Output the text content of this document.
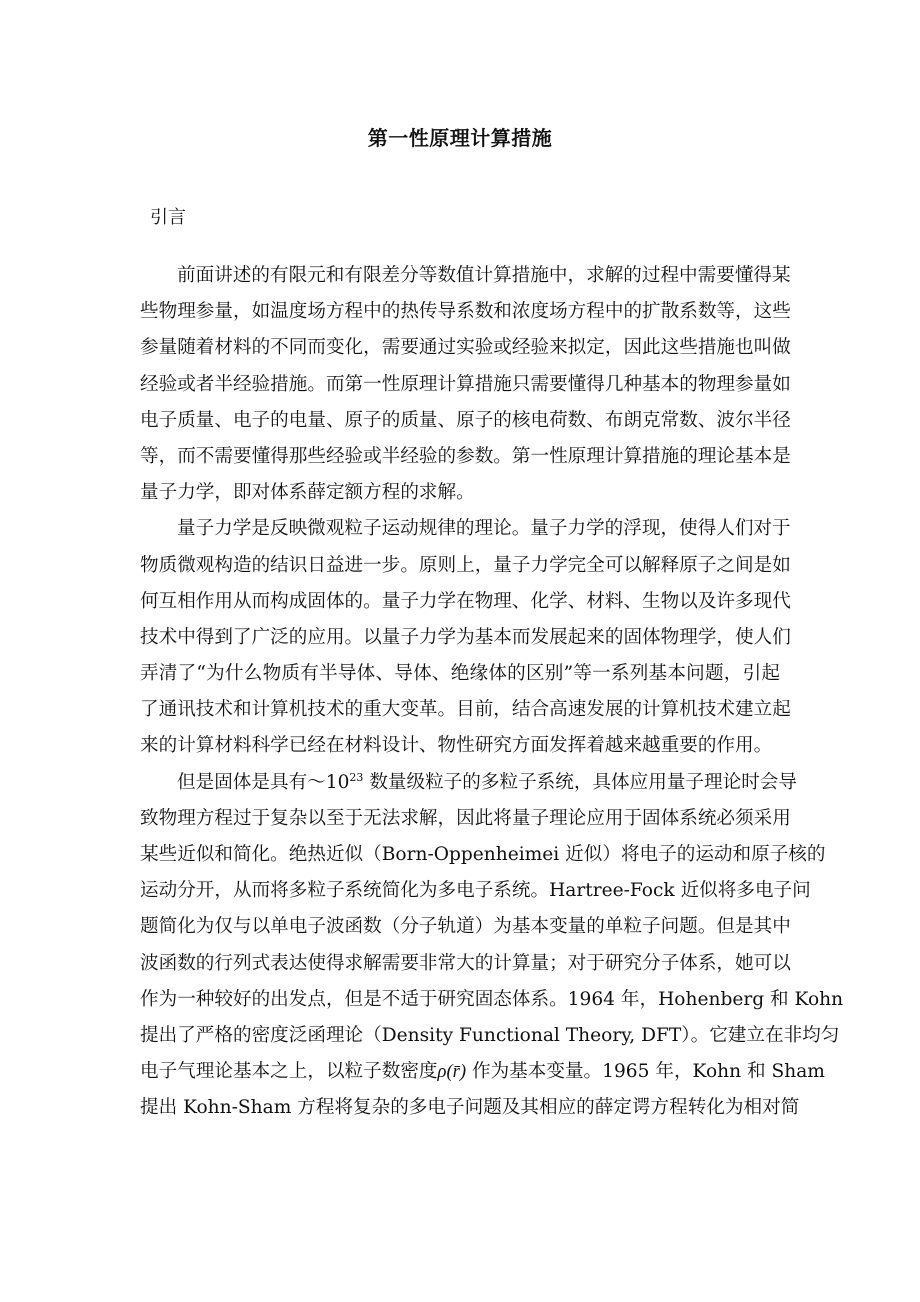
第一性原理计算措施
引言
前面讲述的有限元和有限差分等数值计算措施中，求解的过程中需要懂得某
些物理参量，如温度场方程中的热传导系数和浓度场方程中的扩散系数等，这些
参量随着材料的不同而变化，需要通过实验或经验来拟定，因此这些措施也叫做
经验或者半经验措施。而第一性原理计算措施只需要懂得几种基本的物理参量如
电子质量、电子的电量、原子的质量、原子的核电荷数、布朗克常数、波尔半径
等，而不需要懂得那些经验或半经验的参数。第一性原理计算措施的理论基本是
量子力学，即对体系薛定额方程的求解。
量子力学是反映微观粒子运动规律的理论。量子力学的浮现，使得人们对于
物质微观构造的结识日益进一步。原则上，量子力学完全可以解释原子之间是如
何互相作用从而构成固体的。量子力学在物理、化学、材料、生物以及许多现代
技术中得到了广泛的应用。以量子力学为基本而发展起来的固体物理学，使人们
弄清了“为什么物质有半导体、导体、绝缘体的区别”等一系列基本问题，引起
了通讯技术和计算机技术的重大变革。目前，结合高速发展的计算机技术建立起
来的计算材料科学已经在材料设计、物性研究方面发挥着越来越重要的作用。
但是固体是具有$\sim 10^{23}$ 数量级粒子的多粒子系统，具体应用量子理论时会导
致物理方程过于复杂以至于无法求解，因此将量子理论应用于固体系统必须采用
某些近似和简化。绝热近似（Born-Oppenheimei 近似）将电子的运动和原子核的
运动分开，从而将多粒子系统简化为多电子系统。Hartree-Fock 近似将多电子问
题简化为仅与以单电子波函数（分子轨道）为基本变量的单粒子问题。但是其中
波函数的行列式表达使得求解需要非常大的计算量；对于研究分子体系，她可以
作为一种较好的出发点，但是不适于研究固态体系。1964 年，Hohenberg 和 Kohn
提出了严格的密度泛函理论（Density Functional Theory, DFT）。它建立在非均匀
电子气理论基本之上，以粒子数密度ρ(r̄) 作为基本变量。1965 年，Kohn 和 Sham
提出 Kohn-Sham 方程将复杂的多电子问题及其相应的薛定谔方程转化为相对简
